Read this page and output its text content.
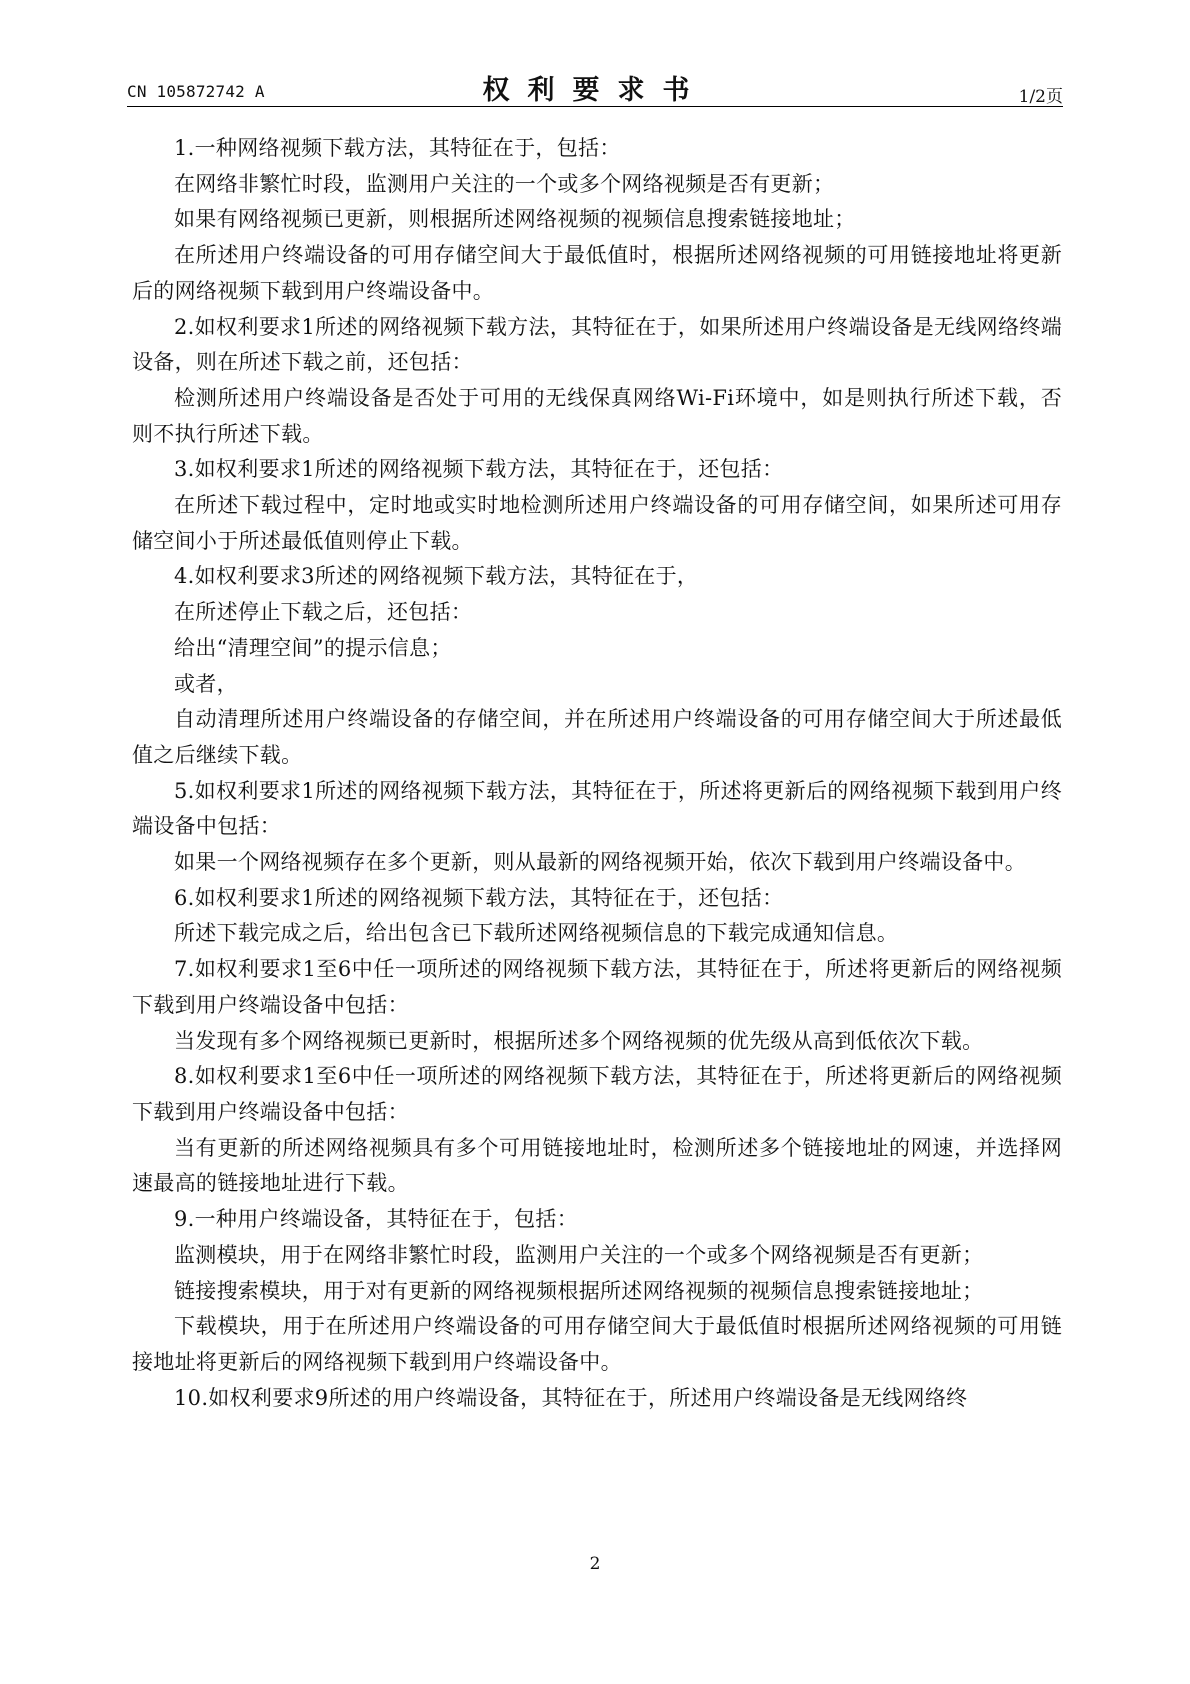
CN 105872742 A	权利要求书	1/2页

1.一种网络视频下载方法，其特征在于，包括：

在网络非繁忙时段，监测用户关注的一个或多个网络视频是否有更新；

如果有网络视频已更新，则根据所述网络视频的视频信息搜索链接地址；

在所述用户终端设备的可用存储空间大于最低值时，根据所述网络视频的可用链接地址将更新后的网络视频下载到用户终端设备中。

2.如权利要求1所述的网络视频下载方法，其特征在于，如果所述用户终端设备是无线网络终端设备，则在所述下载之前，还包括：

检测所述用户终端设备是否处于可用的无线保真网络Wi-Fi环境中，如是则执行所述下载，否则不执行所述下载。

3.如权利要求1所述的网络视频下载方法，其特征在于，还包括：

在所述下载过程中，定时地或实时地检测所述用户终端设备的可用存储空间，如果所述可用存储空间小于所述最低值则停止下载。

4.如权利要求3所述的网络视频下载方法，其特征在于，

在所述停止下载之后，还包括：

给出“清理空间”的提示信息；

或者，

自动清理所述用户终端设备的存储空间，并在所述用户终端设备的可用存储空间大于所述最低值之后继续下载。

5.如权利要求1所述的网络视频下载方法，其特征在于，所述将更新后的网络视频下载到用户终端设备中包括：

如果一个网络视频存在多个更新，则从最新的网络视频开始，依次下载到用户终端设备中。

6.如权利要求1所述的网络视频下载方法，其特征在于，还包括：

所述下载完成之后，给出包含已下载所述网络视频信息的下载完成通知信息。

7.如权利要求1至6中任一项所述的网络视频下载方法，其特征在于，所述将更新后的网络视频下载到用户终端设备中包括：

当发现有多个网络视频已更新时，根据所述多个网络视频的优先级从高到低依次下载。

8.如权利要求1至6中任一项所述的网络视频下载方法，其特征在于，所述将更新后的网络视频下载到用户终端设备中包括：

当有更新的所述网络视频具有多个可用链接地址时，检测所述多个链接地址的网速，并选择网速最高的链接地址进行下载。

9.一种用户终端设备，其特征在于，包括：

监测模块，用于在网络非繁忙时段，监测用户关注的一个或多个网络视频是否有更新；

链接搜索模块，用于对有更新的网络视频根据所述网络视频的视频信息搜索链接地址；

下载模块，用于在所述用户终端设备的可用存储空间大于最低值时根据所述网络视频的可用链接地址将更新后的网络视频下载到用户终端设备中。

10.如权利要求9所述的用户终端设备，其特征在于，所述用户终端设备是无线网络终

2
